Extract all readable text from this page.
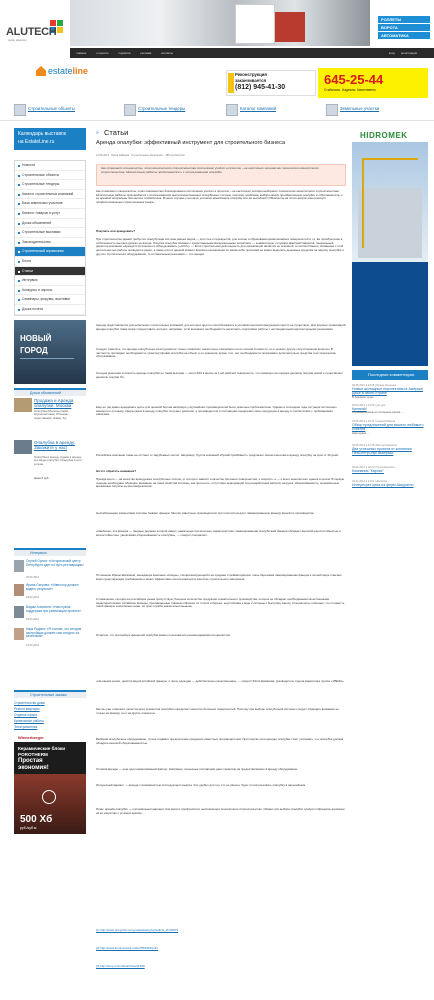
ALUTECH
проф. комплект
РОЛЛЕТЫ
ВОРОТА
АВТОМАТИКА
главная	о проекте	подписка	реклама	контакты	вход регистрация
estateline	Реконструкция
заканчивается
(812) 945-41-30
645-25-44
Стабильно. Надежно. Качественно
Строительные объекты	Строительные тендеры	Каталог компаний	Земельные участки
Календарь выставок
на EstateLine.ru
Новости
Строительные объекты
Строительные тендеры
Каталог строительных компаний
База земельных участков
Каталог товаров и услуг
Доска объявлений
Строительные выставки
Законодательство
Строительный справочник
Блоги
Статьи
Интервью
Конкурсы и опросы
Семинары, форумы, выставки
Доска почета
НОВЫЙ
ГОРОД
Доска объявлений
Продажа и Аренда опалубки. Москва
Опалубка (Мелкощитовая, Крупнощитовая, Объемно-переставная). Новая, б/у.
Опалубка в аренду. Закажите у нас!
Опалубка в аренду. Сдаём в аренду все виды опалубки. Опалубка стен и колонн.
Цена 0 руб.
Интервью
Сергей Орлов: «Исторический центр Петербурга идет по пути реставрации»
25.04.2014
Ирина Озерова: «Инвестор должен видеть результат»
23.04.2014
Вадим Алексеев: «Нам нужна поддержка при реализации проекта»
18.04.2014
Кира Родина: «Я считаю, что сегодня застройщик должен сам следить за качеством»
16.04.2014
Строительные заказы
Строительство дома
Ремонт квартиры
Отделка офиса
Кровельные работы
Электромонтаж
Wienerberger
Керамические блоки
POROTHERM
Простая
экономия!
500 Хб
руб./куб.м
» Статьи
Аренда опалубки: эффективный инструмент для строительного бизнеса
21.05.2014 · Юлия Зайцева · Строительные материалы · 185 просмотров
Как отмечают специалисты, этап монолитного строительства постепенно уходит в прошлое – не настолько экономичен технология монолитного строительства. Монолитные работы продолжаются и с использованием опалубки.
Как отмечают специалисты, этап повсеместно доминирования постепенно уходит в прошлое – не настолько сегодня выбирают технологию монолитного строительства. Монолитные работы производятся с использованием высококачественных опалубочных систем, поэтому проблемы выбора между приобретением опалубки в собственность и ее арендой актуальны для многих подрядчиков. В каких случаях и на каких условиях арендовать опалубку все же выгоднее? Объяснить на этот вопрос нам помогут профессиональные строительные рынка.
Покупать или арендовать?
При строительстве зданий требуется опалубочная система разных видов — для стен и перекрытий, для колонн и образования криволинейных поверхностей и т.д. Ее приобретение в собственность выгодно далеко не всегда. Покупка опалубки связана с существенными материальными затратами, — комментирует ситуацию Дмитрий Гаврилов, генеральный директор компании «Аренда Строительного Оборудования» (»АСО»). — Если строительная деятельность для организации является не основной, а соответственно, связанные с этой деятельностью работы проводятся редко, а также если в данный момент времени организация по каким-либо причинам не может выделить денежные средства на закупку опалубки и другого строительного оборудования, то оптимальным решением — это аренда.
Аренда представляется для небольших строительных компаний, для которых другого способа выжить в условиях высокой конкуренции просто не существует. Для крупных организаций аренда опалубки также может предоставить интерес, например, если возникнет необходимость выполнить оперативно работы с нестандартными архитектурными решениями.
Следует заметить, что аренда опалубочных конструкций не только позволяет значительно сэкономить на их полной стоимости, но и решает другие сопутствующие вопросы. В частности, пропадает необходимость транспортировки опалубки на объект и ее хранения, кроме того, нет необходимости затрачивать дополнительно средства и на технические обслуживание.
Сегодня рыночная стоимость аренды опалубки не такая высокая — около $10 в месяц за 1 м2 рабочей поверхности, что примерно на порядок дешевле покупки новой и существенно дешевле покупки б/у.
Еще не так давно арендовать щиты для целевой бетона напрямую у крупнейших производителей было довольно проблематично. Однако в последние годы ситуация постепенно меняется к лучшему, сфера сдачи в аренду опалубки получает развитие, и производители и поставщики предлагают свою продукцию в аренду в соответствии с требованиями заказчика.
Российские компании также не отстают от зарубежных коллег. Например, Группа компаний «ПромСтройИнвест» предлагает своим клиентам в аренду опалубку на срок от 30 дней.
На что обратить внимание?
Прежде всего — на качество арендуемых опалубочных систем, от которого зависит и качество бетонных поверхностей, и скорость, и — и всего монолитного здания в целом. В первую очередь необходимо обращать внимание на такие свойства системы, как прочность, отсутствие деформаций под воздействием рабочих нагрузок, оборачиваемость, минимальные временные затраты на монтаж/демонтаж.
Нестабильными элементами системы бывают фанера. Многие известные производители при этом используют ламинированную фанеру финского производства.
«Наиболее, эта фанера — твердые деревья которой имеют уникальные прочностные характеристики: ламинированная опалубочная фанера обладает высокой износостойкостью и влагостойкостью, увеличивая оборачиваемость опалубки», — говорит специалист.
По мнению Ирины Шапкиной, менеджера компании «Алиды», специализирующейся на продаже стройматериалов, лишь березовая ламинированная фанера в полной мере отвечает всем существующим требованиям и может эффективно использоваться в качестве строительного материала.
К сожалению, сегодня на российском рынке присутствует большое количество продукции сомнительного производства, которое не обладает необходимыми качественными характеристиками. Китайские фанеры, произведенные главным образом, из тополя и березы, неустойчивы к воде и склонны к быстрому износу. Специалисты отмечают, что стоимость такой фанеры значительно ниже, но срок службы значительно меньше.
Отметим, что при выборе фанерной опалубки можно пользоваться рекомендациями специалистов.
«На нашем рынке, десятки видов китайской фанеры, и лишь одна-две — действительно качественная», — говорит Юлия Ермакова, руководитель отдела маркетинга группы «УВЕЗА».
Как мы уже отмечали, качество всех элементов опалубки определяет качество бетонных поверхностей. Поэтому при выборе опалубочной системы следует обращать внимание не только на фанеру, но и на другие элементы.
Выбирая опалубочное оборудование, лучше отдавать предпочтение продукции известных производителей. При покупке (или аренде) опалубки стоит учитывать, что опалубка должна обладать высокой оборачиваемостью.
Условия аренды — еще один немаловажный фактор. Например, серьезные поставщики дают гарантию на предоставляемое в аренду оборудование.
Интересный вариант — аренда с возможностью последующего выкупа. Это удобно для тех, кто не уверен, будет ли использовать опалубку в дальнейшем.
Итак, аренда опалубки — оптимальный вариант для многих предприятий, выполняющих монолитное строительство. Однако при выборе опалубки следует обращать внимание на ее качество и условия аренды.
[1] http://www.stroypuls.ru/vypusk/detail.php?article_id=36073
[2] http://www.kommersant.ru/doc/563964/print
[3] http://sroy-prof.info/archive/11338
HIDROMEK
Последние комментарии
06.05.2014 в 13:05 | Ирина Ильченко
Новые жилищные перспективы в Америке Даже в своей стране
В Америке цены ...
05.05.2014 в 14:00 | gor-geo
Крепкий!
Стройматериалы в последнее время ...
03.05.2014 в 18:14 | Андрей Павлов
Обзор предложений для вашего любимого клиента
Нам нужна ...
02.05.2014 в 21:55 | Виктор Шумилов
Два успешных проекта от компании ПеаСентрОпус выигрыш
30.04.2014 в 10:20 | Ольга Ерохина
Компания "Карнис"
29.04.2014 в 14:01 | Дмитрий
Интересует цена на ферм Аккуратно
